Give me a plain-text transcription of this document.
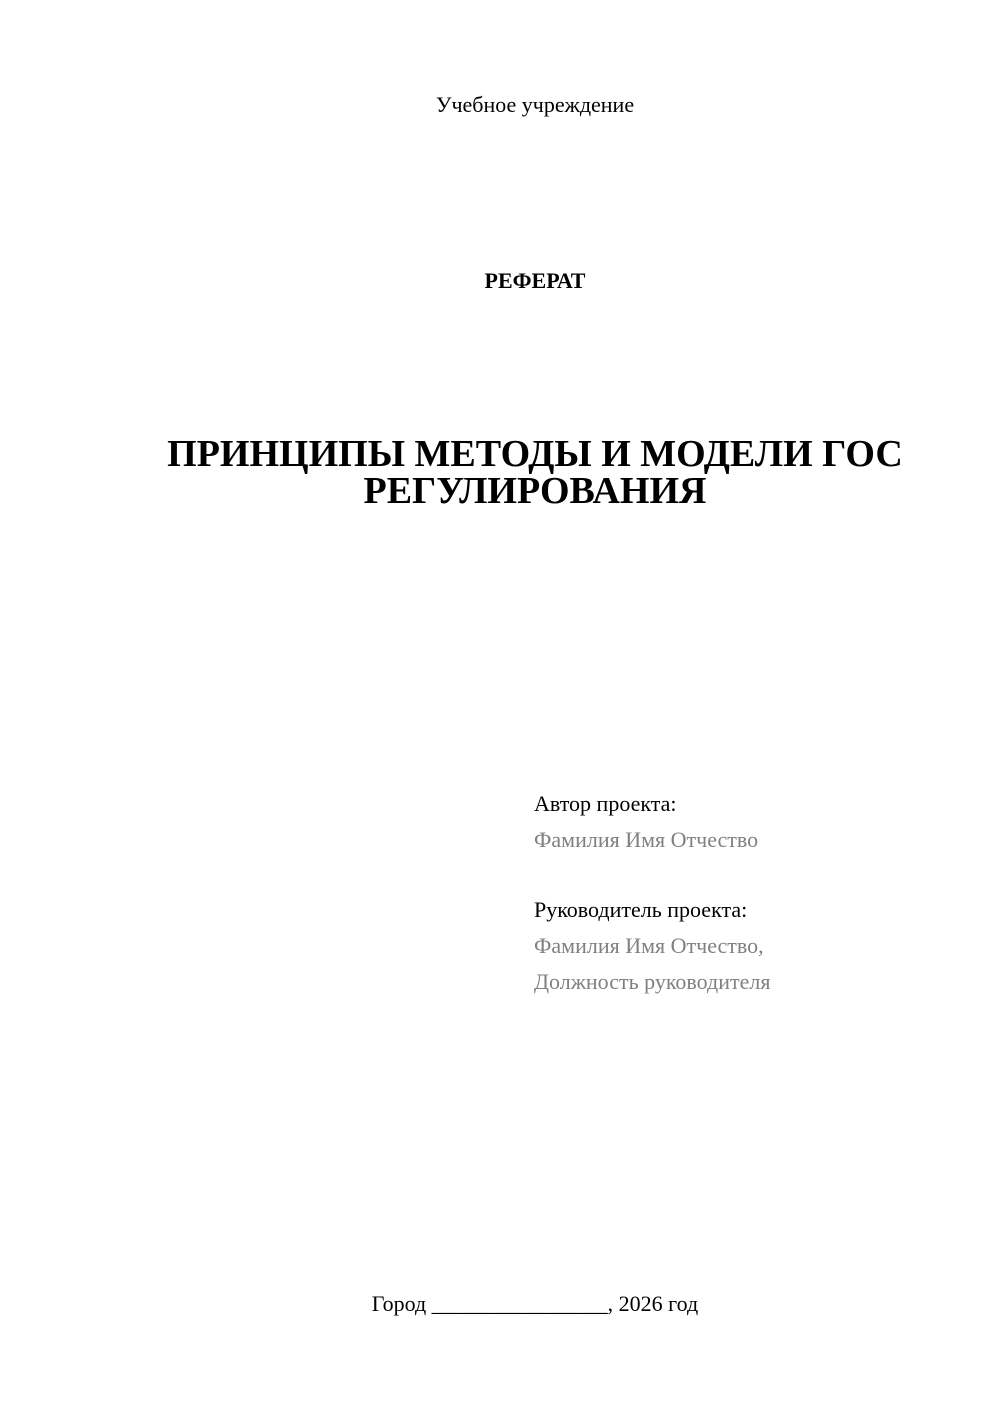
Учебное учреждение
РЕФЕРАТ
ПРИНЦИПЫ МЕТОДЫ И МОДЕЛИ ГОС
РЕГУЛИРОВАНИЯ
Автор проекта:
Фамилия Имя Отчество
Руководитель проекта:
Фамилия Имя Отчество,
Должность руководителя
Город ________________, 2026 год
